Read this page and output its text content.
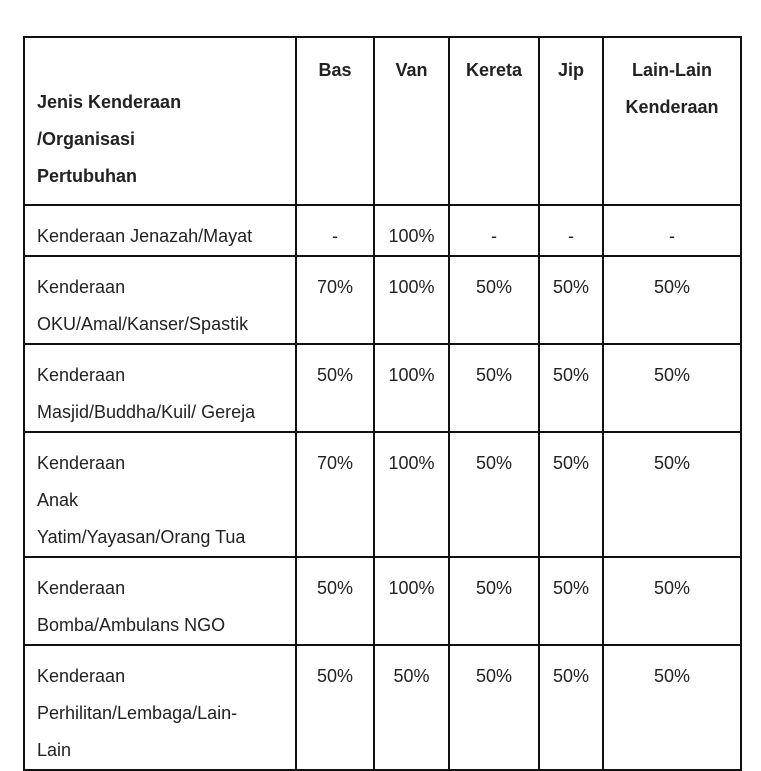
Jenis Kenderaan
/Organisasi
Pertubuhan	Bas	Van	Kereta	Jip	Lain-Lain
Kenderaan

Kenderaan Jenazah/Mayat	-	100%	-	-	-

Kenderaan
OKU/Amal/Kanser/Spastik	70%	100%	50%	50%	50%

Kenderaan
Masjid/Buddha/Kuil/ Gereja	50%	100%	50%	50%	50%

Kenderaan
Anak
Yatim/Yayasan/Orang Tua	70%	100%	50%	50%	50%

Kenderaan
Bomba/Ambulans NGO	50%	100%	50%	50%	50%

Kenderaan
Perhilitan/Lembaga/Lain-
Lain	50%	50%	50%	50%	50%
